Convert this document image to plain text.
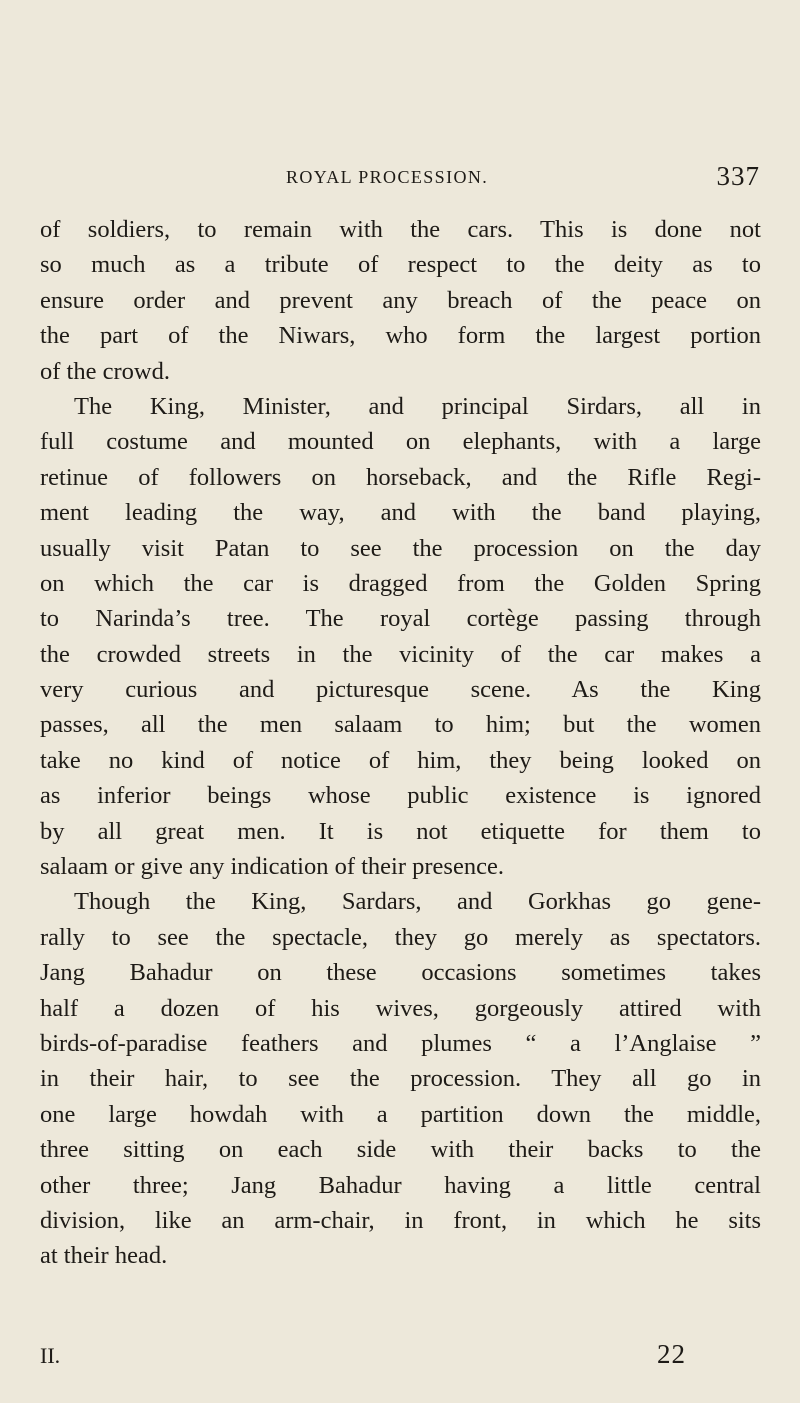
ROYAL PROCESSION.	337
of soldiers, to remain with the cars. This is done not
so much as a tribute of respect to the deity as to
ensure order and prevent any breach of the peace on
the part of the Niwars, who form the largest portion
of the crowd.
The King, Minister, and principal Sirdars, all in
full costume and mounted on elephants, with a large
retinue of followers on horseback, and the Rifle Regi-
ment leading the way, and with the band playing,
usually visit Patan to see the procession on the day
on which the car is dragged from the Golden Spring
to Narinda’s tree. The royal cortège passing through
the crowded streets in the vicinity of the car makes a
very curious and picturesque scene. As the King
passes, all the men salaam to him; but the women
take no kind of notice of him, they being looked on
as inferior beings whose public existence is ignored
by all great men. It is not etiquette for them to
salaam or give any indication of their presence.
Though the King, Sardars, and Gorkhas go gene-
rally to see the spectacle, they go merely as spectators.
Jang Bahadur on these occasions sometimes takes
half a dozen of his wives, gorgeously attired with
birds-of-paradise feathers and plumes “ a l’Anglaise ”
in their hair, to see the procession. They all go in
one large howdah with a partition down the middle,
three sitting on each side with their backs to the
other three; Jang Bahadur having a little central
division, like an arm-chair, in front, in which he sits
at their head.
II.	22
